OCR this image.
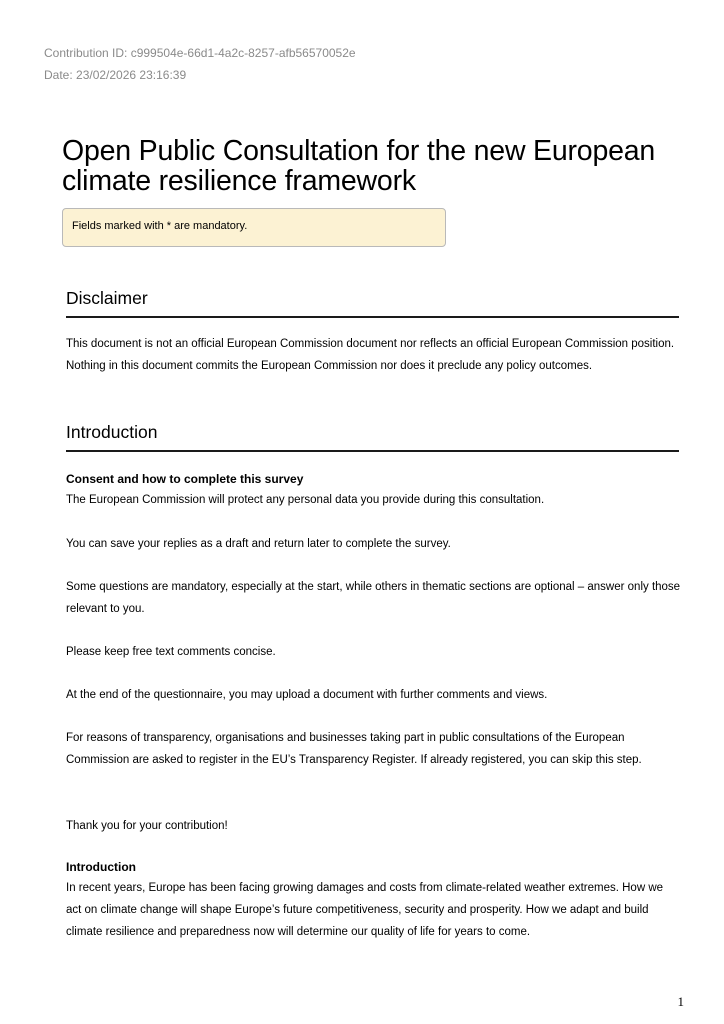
Contribution ID: c999504e-66d1-4a2c-8257-afb56570052e
Date: 23/02/2026 23:16:39
Open Public Consultation for the new European climate resilience framework
Fields marked with * are mandatory.
Disclaimer

This document is not an official European Commission document nor reflects an official European Commission position. Nothing in this document commits the European Commission nor does it preclude any policy outcomes.

Introduction

Consent and how to complete this survey

The European Commission will protect any personal data you provide during this consultation.

You can save your replies as a draft and return later to complete the survey.

Some questions are mandatory, especially at the start, while others in thematic sections are optional – answer only those relevant to you.

Please keep free text comments concise.

At the end of the questionnaire, you may upload a document with further comments and views.

For reasons of transparency, organisations and businesses taking part in public consultations of the European Commission are asked to register in the EU’s Transparency Register. If already registered, you can skip this step.

Thank you for your contribution!

Introduction

In recent years, Europe has been facing growing damages and costs from climate-related weather extremes. How we act on climate change will shape Europe’s future competitiveness, security and prosperity. How we adapt and build climate resilience and preparedness now will determine our quality of life for years to come.

1
